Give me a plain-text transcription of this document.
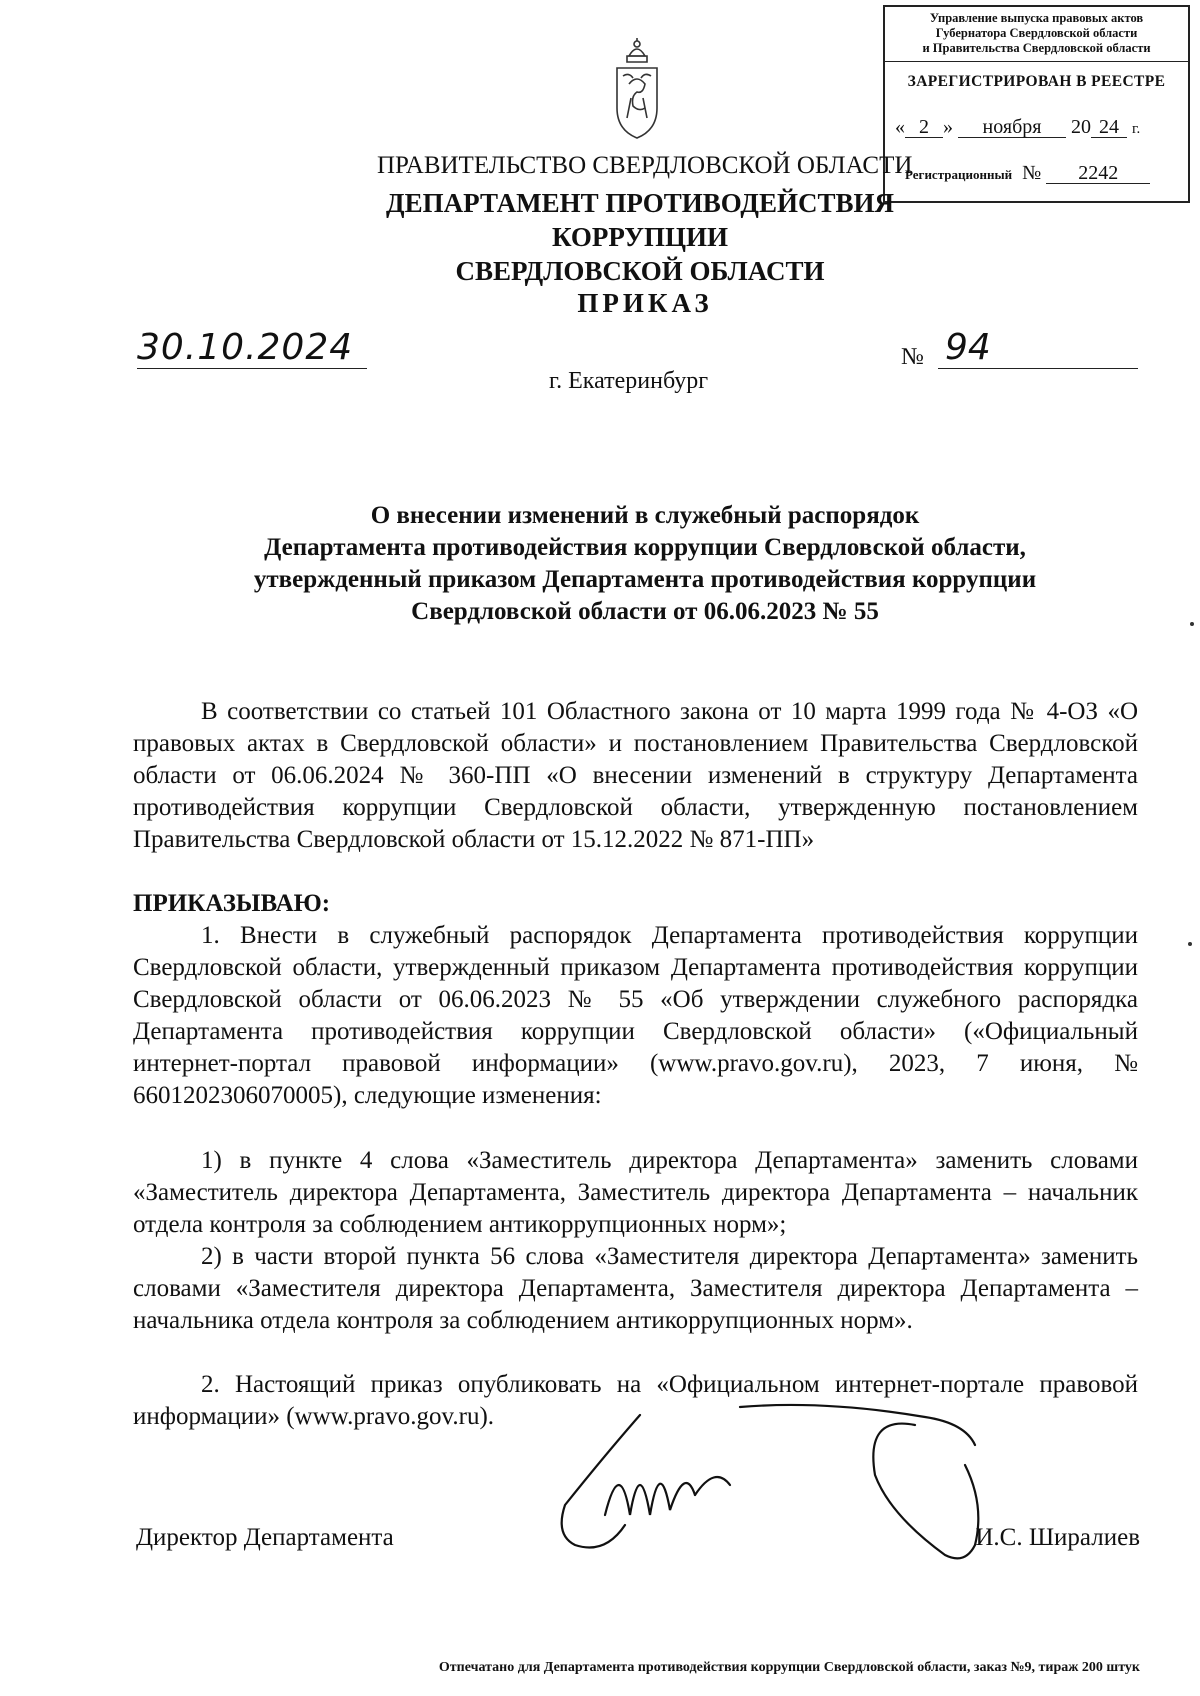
Управление выпуска правовых актов
Губернатора Свердловской области
и Правительства Свердловской области
ЗАРЕГИСТРИРОВАН В РЕЕСТРЕ
« 2 » ноября 20 24 г.
Регистрационный № 2242
ПРАВИТЕЛЬСТВО СВЕРДЛОВСКОЙ ОБЛАСТИ
ДЕПАРТАМЕНТ ПРОТИВОДЕЙСТВИЯ КОРРУПЦИИ
СВЕРДЛОВСКОЙ ОБЛАСТИ
ПРИКАЗ
30.10.2024	№ 94
г. Екатеринбург
О внесении изменений в служебный распорядок
Департамента противодействия коррупции Свердловской области,
утвержденный приказом Департамента противодействия коррупции
Свердловской области от 06.06.2023 № 55

В соответствии со статьей 101 Областного закона от 10 марта 1999 года № 4-ОЗ «О правовых актах в Свердловской области» и постановлением Правительства Свердловской области от 06.06.2024 № 360-ПП «О внесении изменений в структуру Департамента противодействия коррупции Свердловской области, утвержденную постановлением Правительства Свердловской области от 15.12.2022 № 871-ПП»

ПРИКАЗЫВАЮ:

1. Внести в служебный распорядок Департамента противодействия коррупции Свердловской области, утвержденный приказом Департамента противодействия коррупции Свердловской области от 06.06.2023 № 55 «Об утверждении служебного распорядка Департамента противодействия коррупции Свердловской области» («Официальный интернет-портал правовой информации» (www.pravo.gov.ru), 2023, 7 июня, № 6601202306070005), следующие изменения:

1) в пункте 4 слова «Заместитель директора Департамента» заменить словами «Заместитель директора Департамента, Заместитель директора Департамента – начальник отдела контроля за соблюдением антикоррупционных норм»;

2) в части второй пункта 56 слова «Заместителя директора Департамента» заменить словами «Заместителя директора Департамента, Заместителя директора Департамента – начальника отдела контроля за соблюдением антикоррупционных норм».

2. Настоящий приказ опубликовать на «Официальном интернет-портале правовой информации» (www.pravo.gov.ru).

Директор Департамента	И.С. Ширалиев
Отпечатано для Департамента противодействия коррупции Свердловской области, заказ №9, тираж 200 штук
